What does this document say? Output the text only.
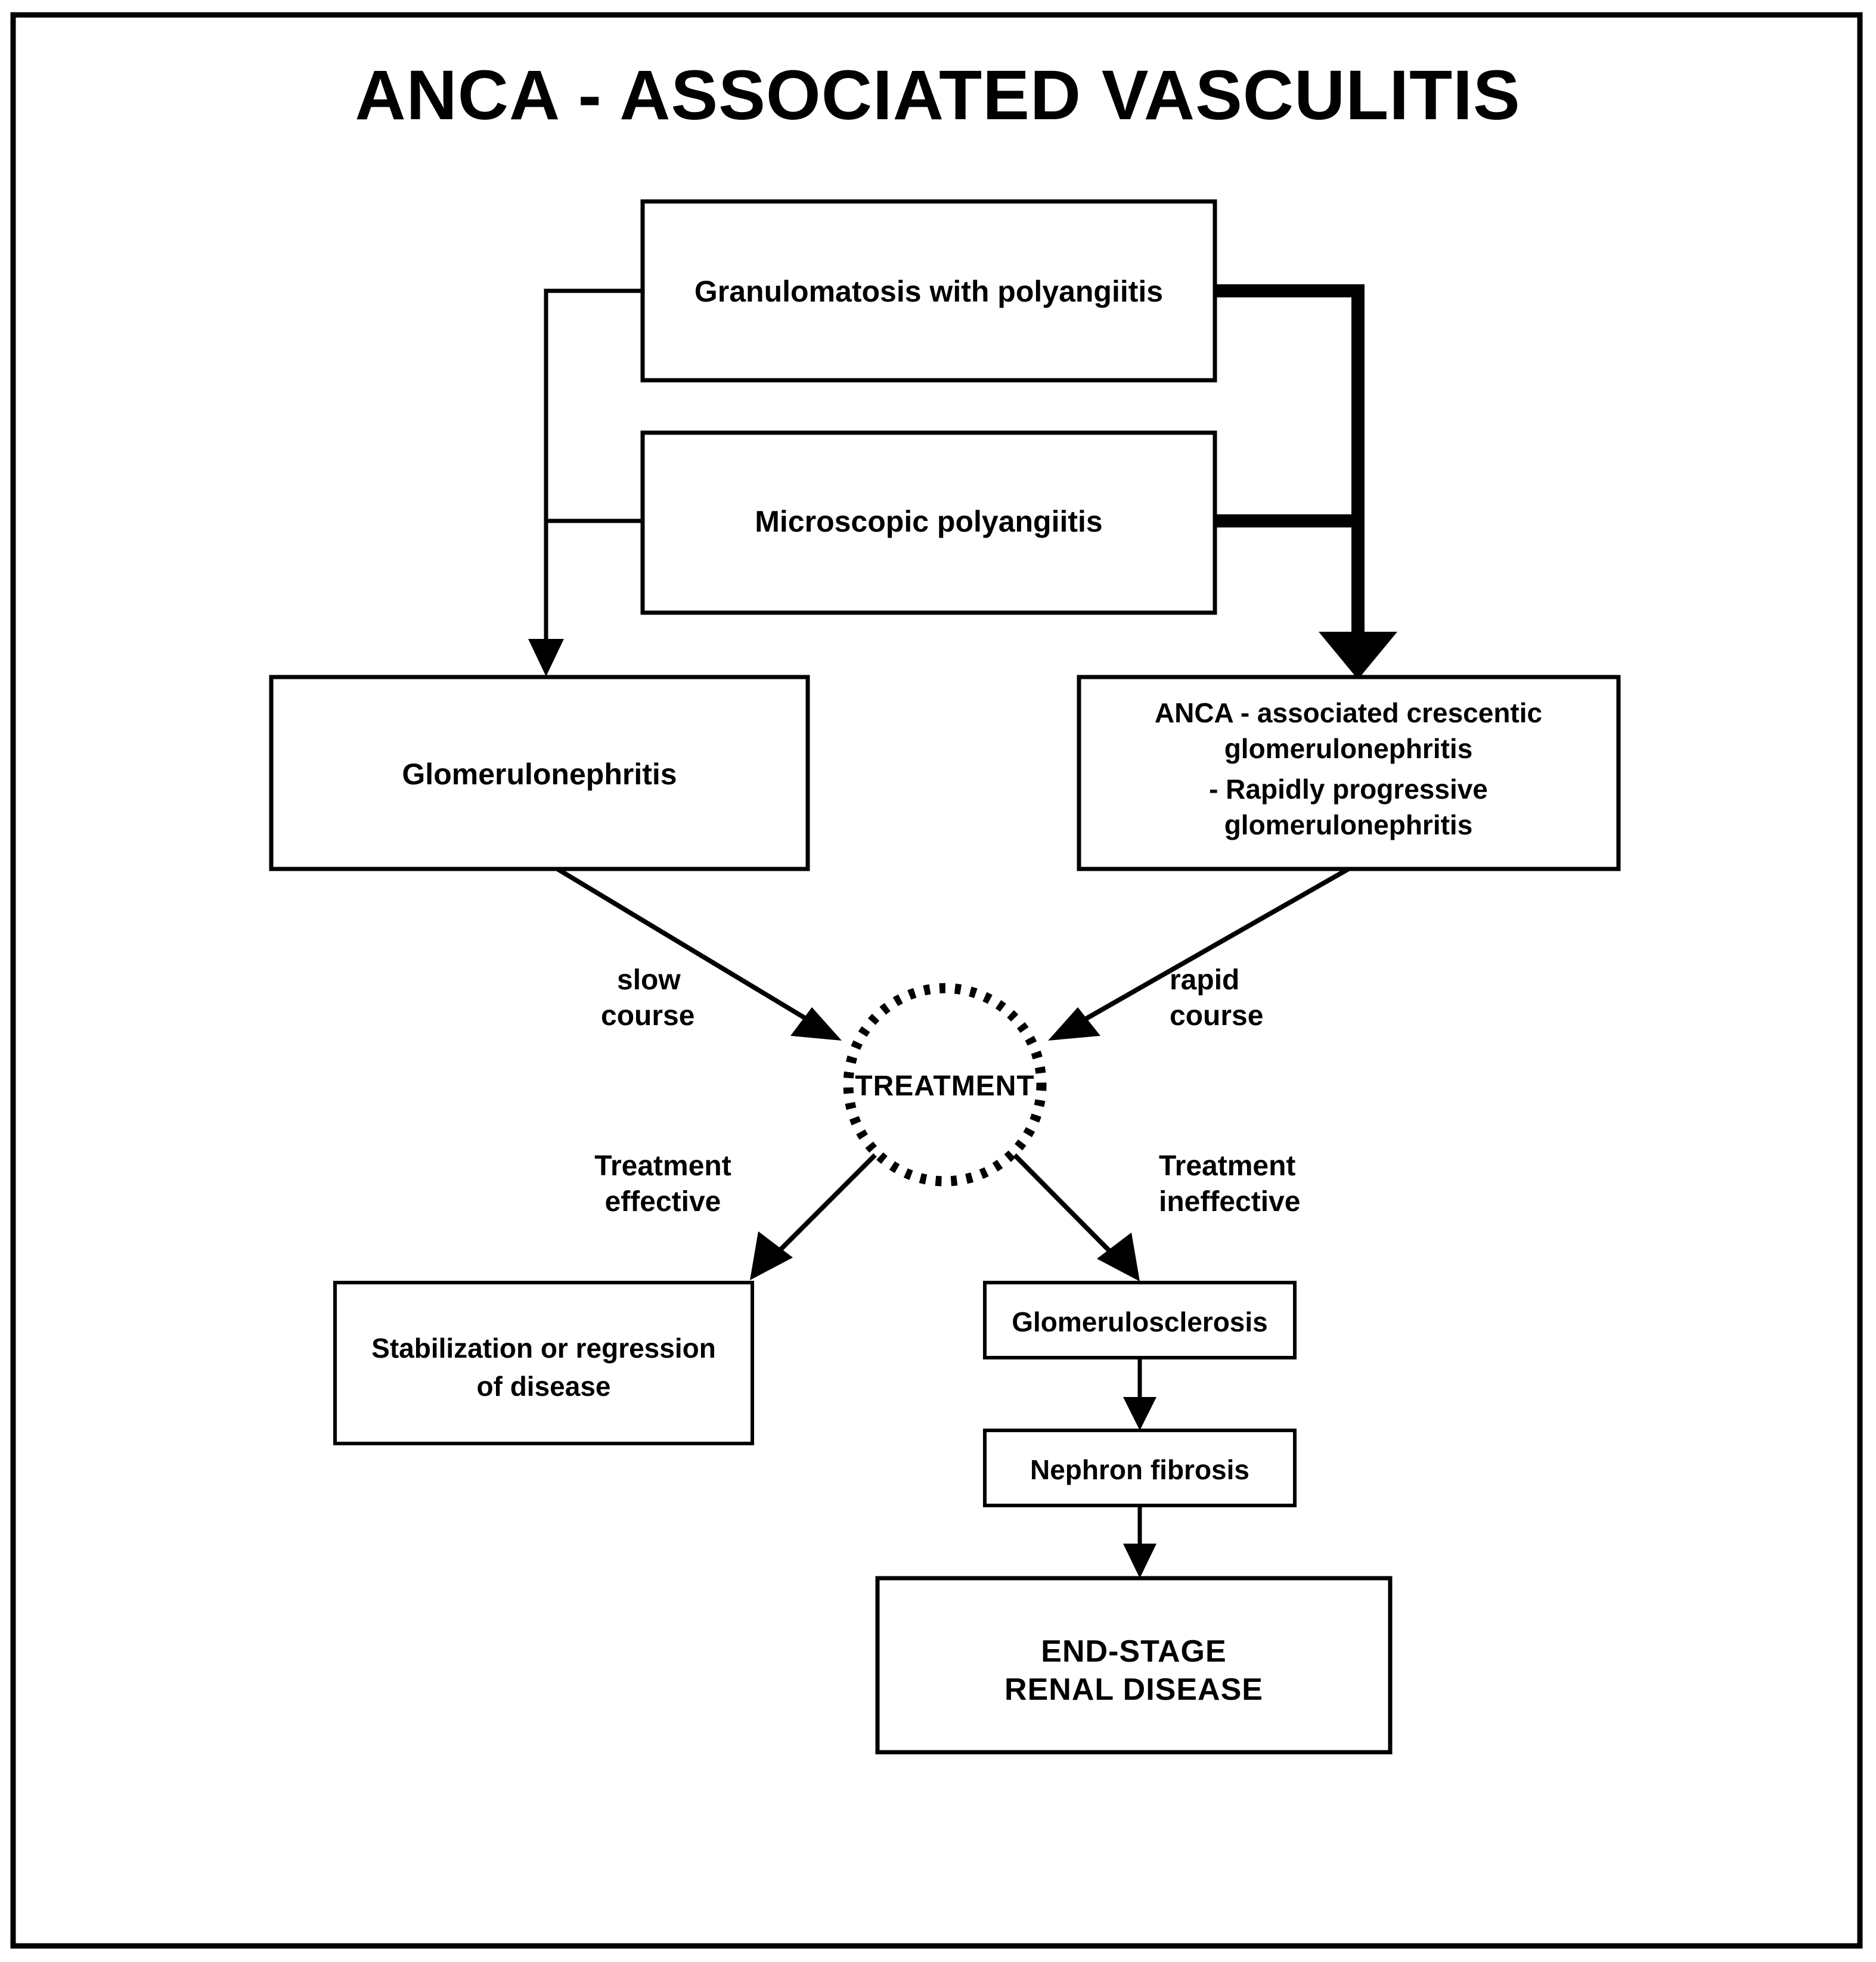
ANCA - ASSOCIATED VASCULITIS
Granulomatosis with polyangiitis
Microscopic polyangiitis
Glomerulonephritis
ANCA - associated crescentic
glomerulonephritis
- Rapidly progressive
glomerulonephritis
slow
course
rapid
course
TREATMENT
Treatment
effective
Treatment
ineffective
Stabilization or regression
of disease
Glomerulosclerosis
Nephron fibrosis
END-STAGE
RENAL DISEASE
